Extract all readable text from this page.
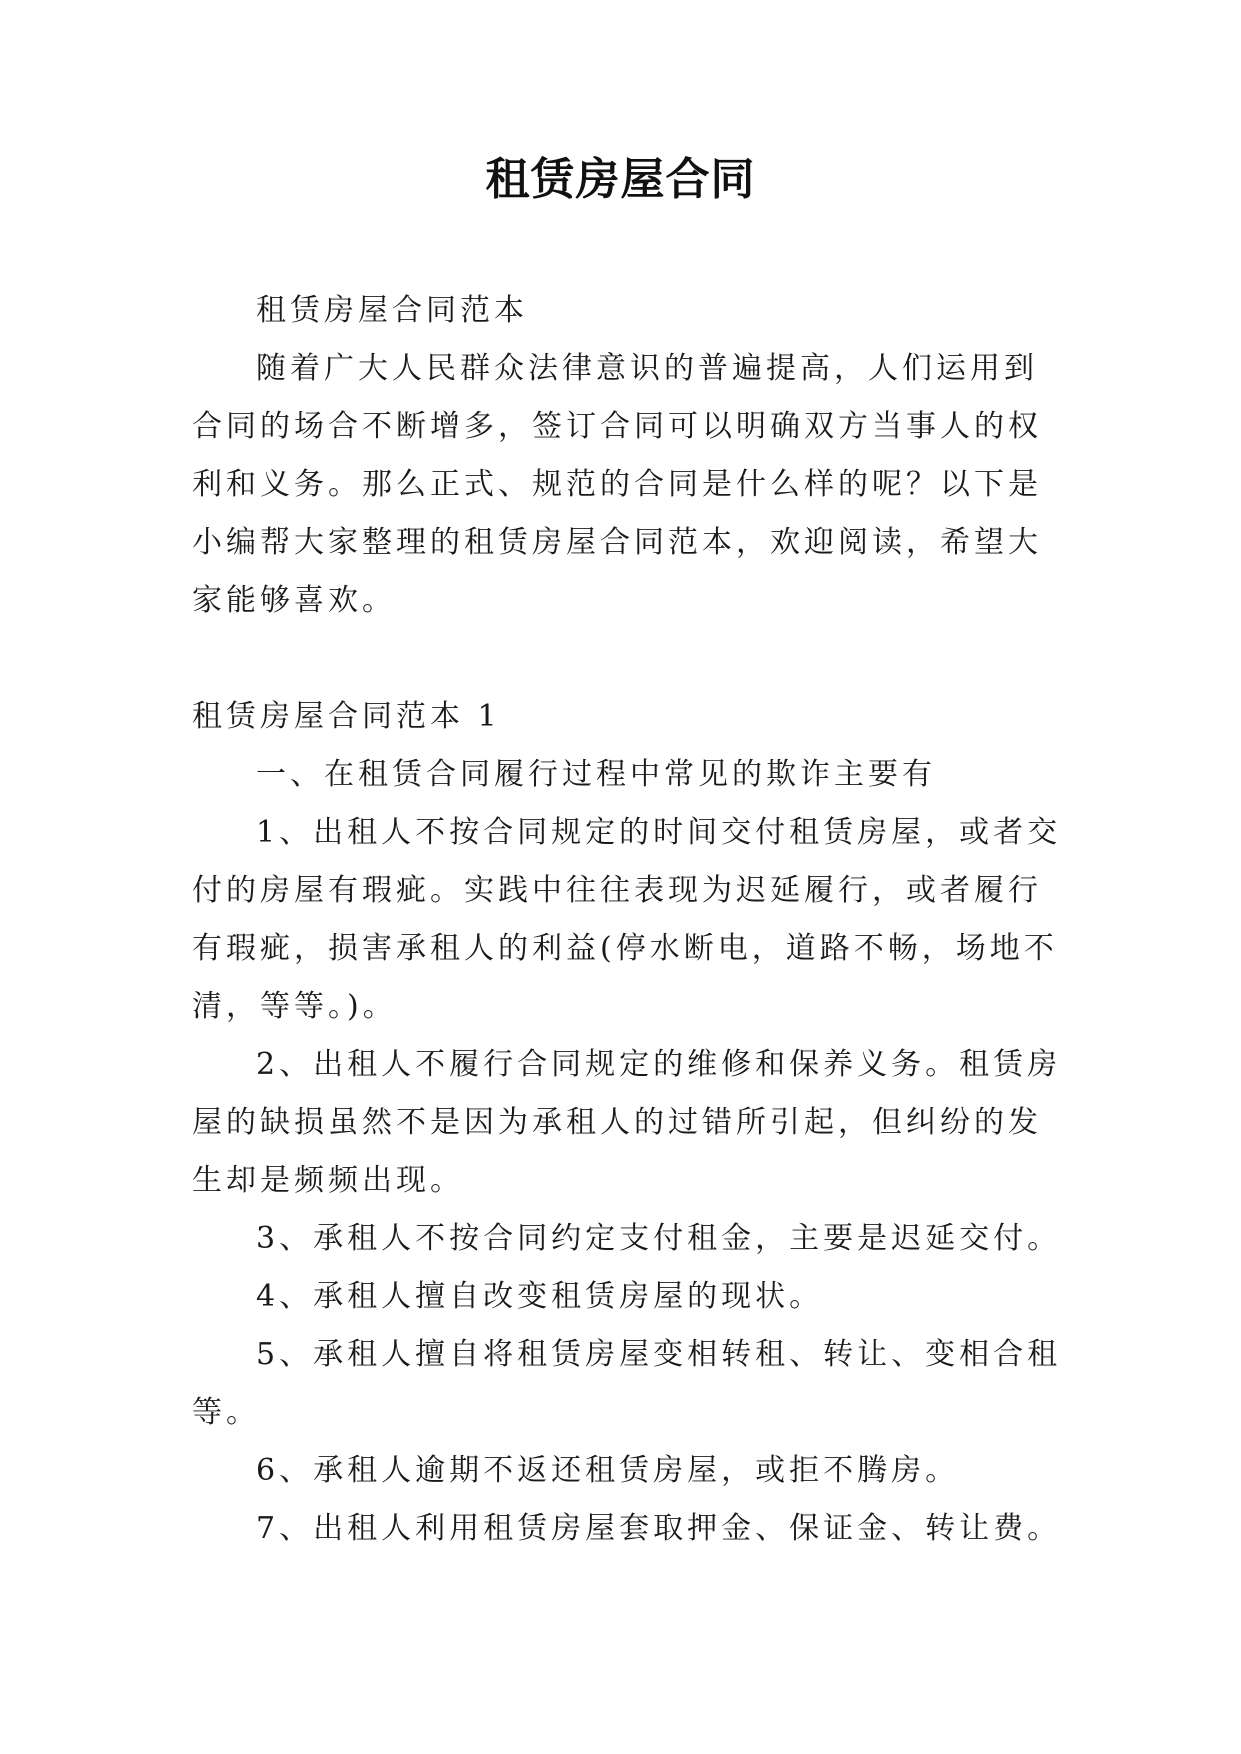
租赁房屋合同

租赁房屋合同范本

随着广大人民群众法律意识的普遍提高，人们运用到合同的场合不断增多，签订合同可以明确双方当事人的权利和义务。那么正式、规范的合同是什么样的呢？以下是小编帮大家整理的租赁房屋合同范本，欢迎阅读，希望大家能够喜欢。

租赁房屋合同范本 1

一、在租赁合同履行过程中常见的欺诈主要有

1、出租人不按合同规定的时间交付租赁房屋，或者交付的房屋有瑕疵。实践中往往表现为迟延履行，或者履行有瑕疵，损害承租人的利益(停水断电，道路不畅，场地不清，等等。)。

2、出租人不履行合同规定的维修和保养义务。租赁房屋的缺损虽然不是因为承租人的过错所引起，但纠纷的发生却是频频出现。

3、承租人不按合同约定支付租金，主要是迟延交付。

4、承租人擅自改变租赁房屋的现状。

5、承租人擅自将租赁房屋变相转租、转让、变相合租等。

6、承租人逾期不返还租赁房屋，或拒不腾房。

7、出租人利用租赁房屋套取押金、保证金、转让费。
